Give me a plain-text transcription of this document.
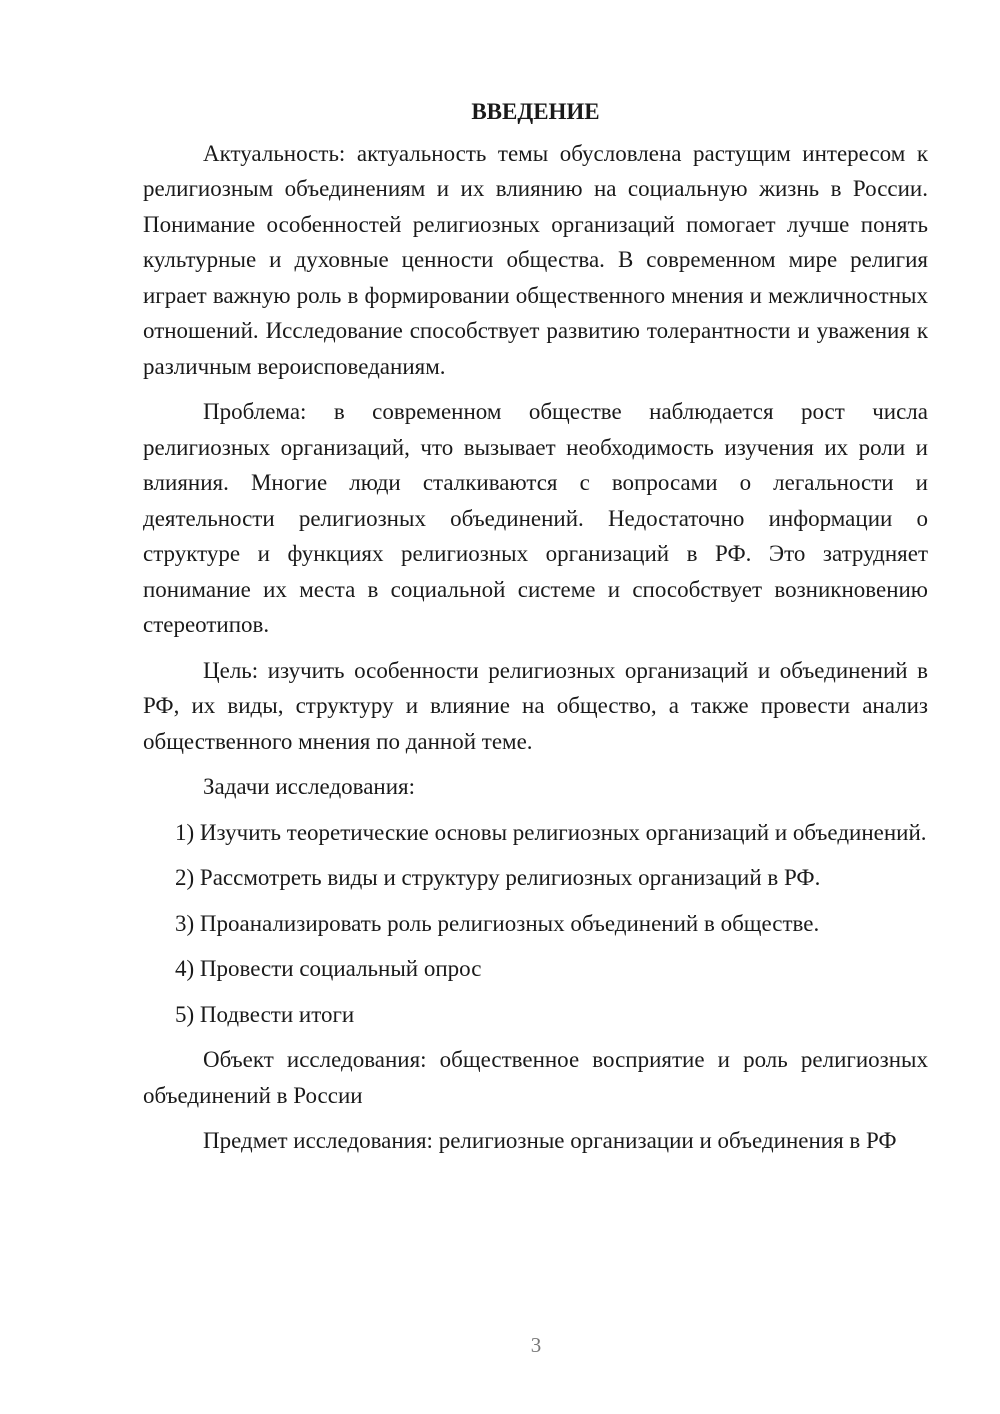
ВВЕДЕНИЕ

Актуальность: актуальность темы обусловлена растущим интересом к религиозным объединениям и их влиянию на социальную жизнь в России. Понимание особенностей религиозных организаций помогает лучше понять культурные и духовные ценности общества. В современном мире религия играет важную роль в формировании общественного мнения и межличностных отношений. Исследование способствует развитию толерантности и уважения к различным вероисповеданиям.

Проблема: в современном обществе наблюдается рост числа религиозных организаций, что вызывает необходимость изучения их роли и влияния. Многие люди сталкиваются с вопросами о легальности и деятельности религиозных объединений. Недостаточно информации о структуре и функциях религиозных организаций в РФ. Это затрудняет понимание их места в социальной системе и способствует возникновению стереотипов.

Цель: изучить особенности религиозных организаций и объединений в РФ, их виды, структуру и влияние на общество, а также провести анализ общественного мнения по данной теме.

Задачи исследования:

1) Изучить теоретические основы религиозных организаций и объединений.

2) Рассмотреть виды и структуру религиозных организаций в РФ.

3) Проанализировать роль религиозных объединений в обществе.

4) Провести социальный опрос

5) Подвести итоги

Объект исследования: общественное восприятие и роль религиозных объединений в России

Предмет исследования: религиозные организации и объединения в РФ

3
